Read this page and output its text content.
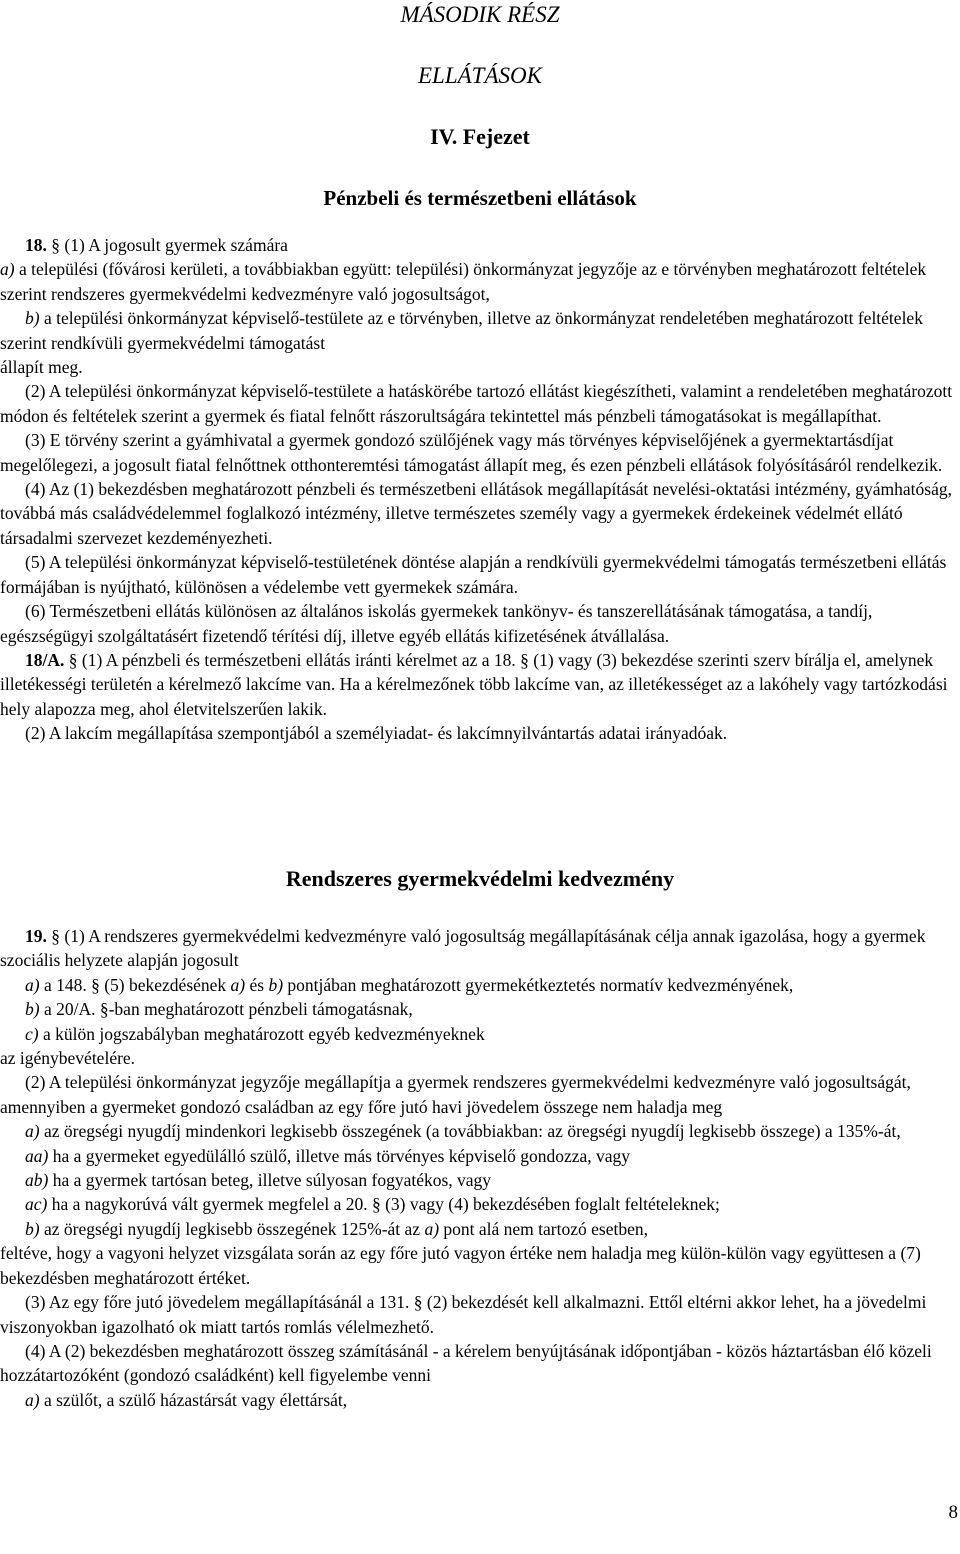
MÁSODIK RÉSZ
ELLÁTÁSOK
IV. Fejezet
Pénzbeli és természetbeni ellátások

18. § (1) A jogosult gyermek számára

a) a települési (fővárosi kerületi, a továbbiakban együtt: települési) önkormányzat jegyzője az e törvényben meghatározott feltételek szerint rendszeres gyermekvédelmi kedvezményre való jogosultságot,

b) a települési önkormányzat képviselő-testülete az e törvényben, illetve az önkormányzat rendeletében meghatározott feltételek szerint rendkívüli gyermekvédelmi támogatást

állapít meg.

(2) A települési önkormányzat képviselő-testülete a hatáskörébe tartozó ellátást kiegészítheti, valamint a rendeletében meghatározott módon és feltételek szerint a gyermek és fiatal felnőtt rászorultságára tekintettel más pénzbeli támogatásokat is megállapíthat.

(3) E törvény szerint a gyámhivatal a gyermek gondozó szülőjének vagy más törvényes képviselőjének a gyermektartásdíjat megelőlegezi, a jogosult fiatal felnőttnek otthonteremtési támogatást állapít meg, és ezen pénzbeli ellátások folyósításáról rendelkezik.

(4) Az (1) bekezdésben meghatározott pénzbeli és természetbeni ellátások megállapítását nevelési-oktatási intézmény, gyámhatóság, továbbá más családvédelemmel foglalkozó intézmény, illetve természetes személy vagy a gyermekek érdekeinek védelmét ellátó társadalmi szervezet kezdeményezheti.

(5) A települési önkormányzat képviselő-testületének döntése alapján a rendkívüli gyermekvédelmi támogatás természetbeni ellátás formájában is nyújtható, különösen a védelembe vett gyermekek számára.

(6) Természetbeni ellátás különösen az általános iskolás gyermekek tankönyv- és tanszerellátásának támogatása, a tandíj, egészségügyi szolgáltatásért fizetendő térítési díj, illetve egyéb ellátás kifizetésének átvállalása.

18/A. § (1) A pénzbeli és természetbeni ellátás iránti kérelmet az a 18. § (1) vagy (3) bekezdése szerinti szerv bírálja el, amelynek illetékességi területén a kérelmező lakcíme van. Ha a kérelmezőnek több lakcíme van, az illetékességet az a lakóhely vagy tartózkodási hely alapozza meg, ahol életvitelszerűen lakik.

(2) A lakcím megállapítása szempontjából a személyiadat- és lakcímnyilvántartás adatai irányadóak.

Rendszeres gyermekvédelmi kedvezmény

19. § (1) A rendszeres gyermekvédelmi kedvezményre való jogosultság megállapításának célja annak igazolása, hogy a gyermek szociális helyzete alapján jogosult

a) a 148. § (5) bekezdésének a) és b) pontjában meghatározott gyermekétkeztetés normatív kedvezményének,

b) a 20/A. §-ban meghatározott pénzbeli támogatásnak,

c) a külön jogszabályban meghatározott egyéb kedvezményeknek

az igénybevételére.

(2) A települési önkormányzat jegyzője megállapítja a gyermek rendszeres gyermekvédelmi kedvezményre való jogosultságát, amennyiben a gyermeket gondozó családban az egy főre jutó havi jövedelem összege nem haladja meg

a) az öregségi nyugdíj mindenkori legkisebb összegének (a továbbiakban: az öregségi nyugdíj legkisebb összege) a 135%-át,

aa) ha a gyermeket egyedülálló szülő, illetve más törvényes képviselő gondozza, vagy

ab) ha a gyermek tartósan beteg, illetve súlyosan fogyatékos, vagy

ac) ha a nagykorúvá vált gyermek megfelel a 20. § (3) vagy (4) bekezdésében foglalt feltételeknek;

b) az öregségi nyugdíj legkisebb összegének 125%-át az a) pont alá nem tartozó esetben,

feltéve, hogy a vagyoni helyzet vizsgálata során az egy főre jutó vagyon értéke nem haladja meg külön-külön vagy együttesen a (7) bekezdésben meghatározott értéket.

(3) Az egy főre jutó jövedelem megállapításánál a 131. § (2) bekezdését kell alkalmazni. Ettől eltérni akkor lehet, ha a jövedelmi viszonyokban igazolható ok miatt tartós romlás vélelmezhető.

(4) A (2) bekezdésben meghatározott összeg számításánál - a kérelem benyújtásának időpontjában - közös háztartásban élő közeli hozzátartozóként (gondozó családként) kell figyelembe venni

a) a szülőt, a szülő házastársát vagy élettársát,

8
